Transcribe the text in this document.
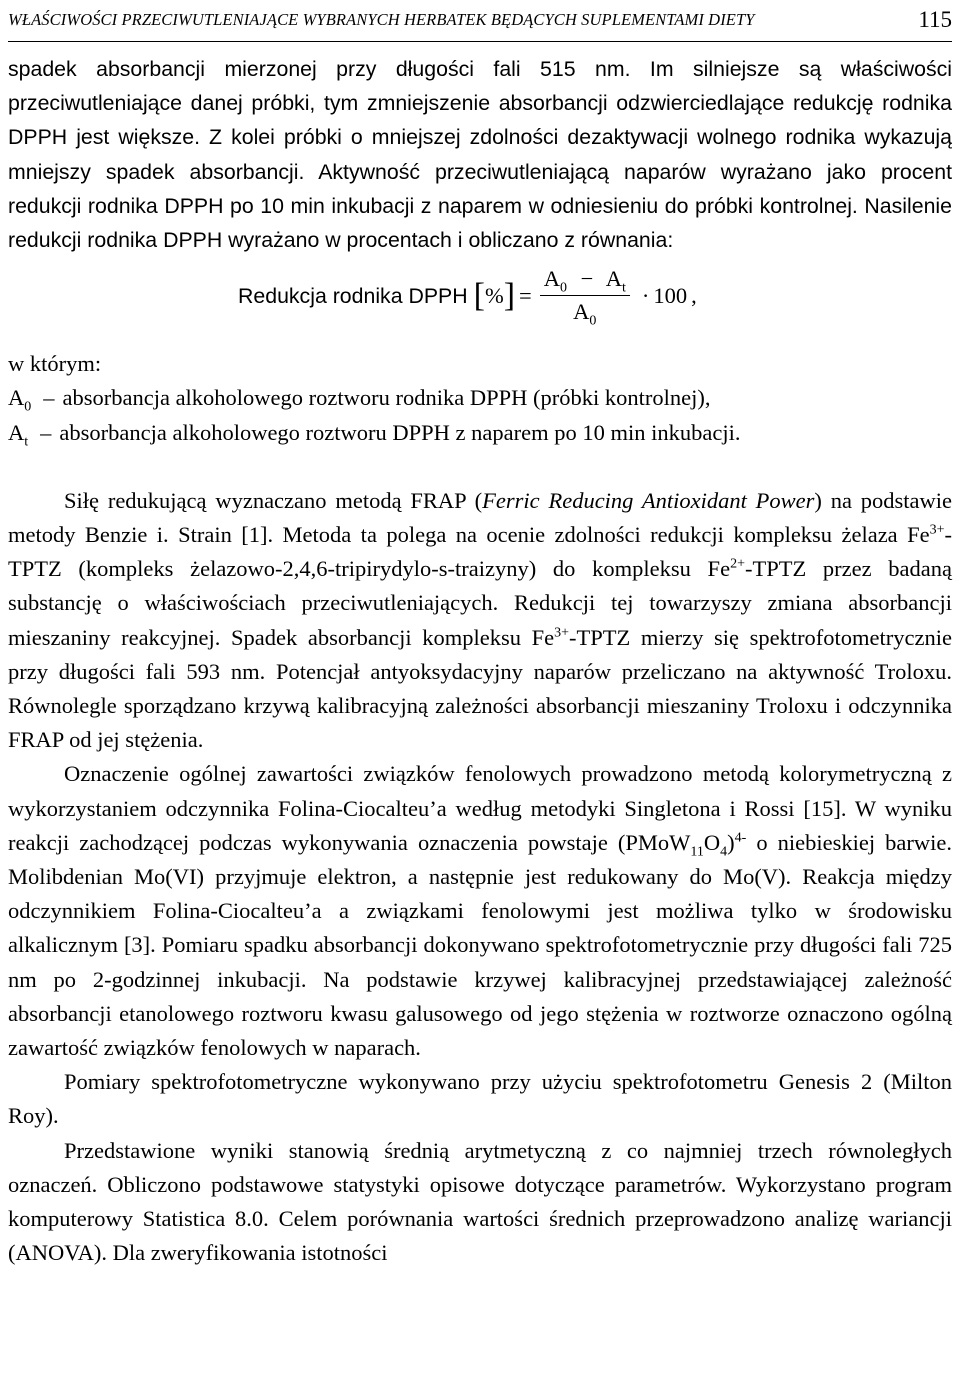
WŁAŚCIWOŚCI PRZECIWUTLENIAJĄCE WYBRANYCH HERBATEK BĘDĄCYCH SUPLEMENTAMI DIETY	115

spadek absorbancji mierzonej przy długości fali 515 nm. Im silniejsze są właściwości przeciwutleniające danej próbki, tym zmniejszenie absorbancji odzwierciedlające redukcję rodnika DPPH jest większe. Z kolei próbki o mniejszej zdolności dezaktywacji wolnego rodnika wykazują mniejszy spadek absorbancji. Aktywność przeciwutleniającą naparów wyrażano jako procent redukcji rodnika DPPH po 10 min inkubacji z naparem w odniesieniu do próbki kontrolnej. Nasilenie redukcji rodnika DPPH wyrażano w procentach i obliczano z równania:

Redukcja rodnika DPPH [ % ] = $\frac{A_0 - A_t}{A_0} \cdot 100$ ,
w którym:
$A_0$ – absorbancja alkoholowego roztworu rodnika DPPH (próbki kontrolnej),
$A_t$ – absorbancja alkoholowego roztworu DPPH z naparem po 10 min inkubacji.

Siłę redukującą wyznaczano metodą FRAP (Ferric Reducing Antioxidant Power) na podstawie metody Benzie i. Strain [1]. Metoda ta polega na ocenie zdolności redukcji kompleksu żelaza $Fe^{3+}$-TPTZ (kompleks żelazowo-2,4,6-tripirydylo-s-traizyny) do kompleksu $Fe^{2+}$-TPTZ przez badaną substancję o właściwościach przeciwutleniających. Redukcji tej towarzyszy zmiana absorbancji mieszaniny reakcyjnej. Spadek absorbancji kompleksu $Fe^{3+}$-TPTZ mierzy się spektrofotometrycznie przy długości fali 593 nm. Potencjał antyoksydacyjny naparów przeliczano na aktywność Troloxu. Równolegle sporządzano krzywą kalibracyjną zależności absorbancji mieszaniny Troloxu i odczynnika FRAP od jej stężenia.

Oznaczenie ogólnej zawartości związków fenolowych prowadzono metodą kolorymetryczną z wykorzystaniem odczynnika Folina-Ciocalteu’a według metodyki Singletona i Rossi [15]. W wyniku reakcji zachodzącej podczas wykonywania oznaczenia powstaje $(PMoW_{11}O_4)^{4-}$ o niebieskiej barwie. Molibdenian Mo(VI) przyjmuje elektron, a następnie jest redukowany do Mo(V). Reakcja między odczynnikiem Folina-Ciocalteu’a a związkami fenolowymi jest możliwa tylko w środowisku alkalicznym [3]. Pomiaru spadku absorbancji dokonywano spektrofotometrycznie przy długości fali 725 nm po 2-godzinnej inkubacji. Na podstawie krzywej kalibracyjnej przedstawiającej zależność absorbancji etanolowego roztworu kwasu galusowego od jego stężenia w roztworze oznaczono ogólną zawartość związków fenolowych w naparach.

Pomiary spektrofotometryczne wykonywano przy użyciu spektrofotometru Genesis 2 (Milton Roy).

Przedstawione wyniki stanowią średnią arytmetyczną z co najmniej trzech równoległych oznaczeń. Obliczono podstawowe statystyki opisowe dotyczące parametrów. Wykorzystano program komputerowy Statistica 8.0. Celem porównania wartości średnich przeprowadzono analizę wariancji (ANOVA). Dla zweryfikowania istotności
